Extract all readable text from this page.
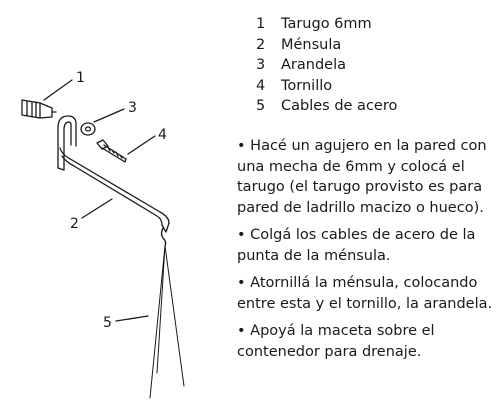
1
3
4
2
5
1	Tarugo 6mm
2	Ménsula
3	Arandela
4	Tornillo
5	Cables de acero

• Hacé un agujero en la pared con una mecha de 6mm y colocá el tarugo (el tarugo provisto es para pared de ladrillo macizo o hueco).

• Colgá los cables de acero de la punta de la ménsula.

• Atornillá la ménsula, colocando entre esta y el tornillo, la arandela.

• Apoyá la maceta sobre el contenedor para drenaje.
